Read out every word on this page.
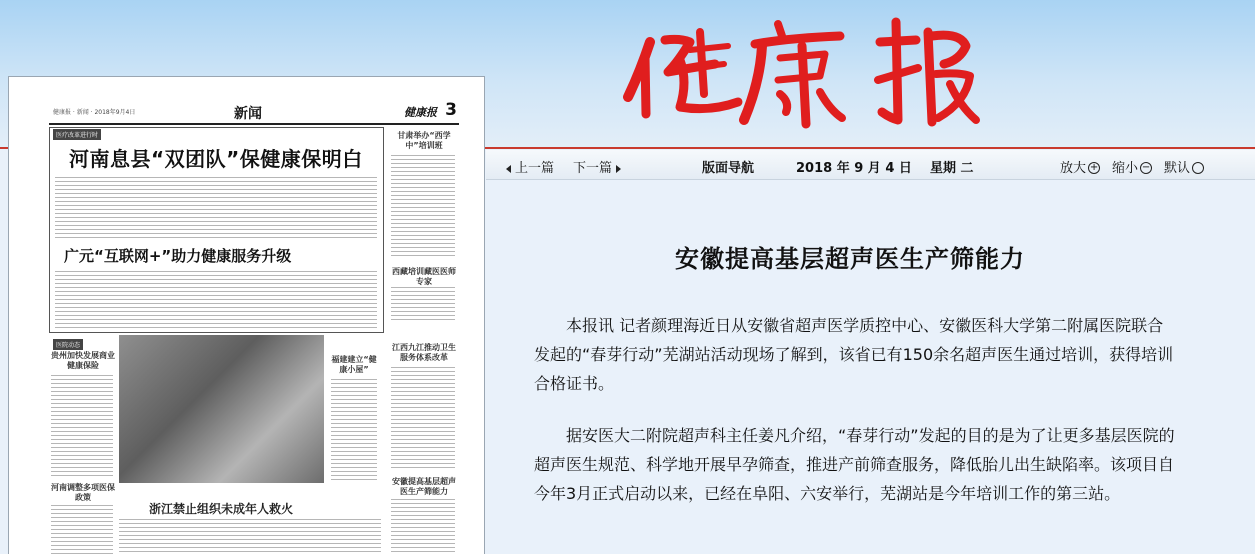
健康报 · 新闻 · 2018年9月4日	新闻	健康报 3
医疗改革进行时
河南息县“双团队”保健康保明白
广元“互联网+”助力健康服务升级
甘肃举办“西学中”培训班
西藏培训藏医医师专家
医院动态
贵州加快发展商业健康保险
河南调整多项医保政策
福建建立“健康小屋”
江西九江推动卫生服务体系改革
安徽提高基层超声医生产筛能力
浙江禁止组织未成年人救火
上一篇 下一篇	版面导航	2018 年 9 月 4 日 星期 二	放大 + 缩小 − 默认
安徽提高基层超声医生产筛能力

本报讯 记者颜理海近日从安徽省超声医学质控中心、安徽医科大学第二附属医院联合发起的“春芽行动”芜湖站活动现场了解到，该省已有150余名超声医生通过培训，获得培训合格证书。

据安医大二附院超声科主任姜凡介绍，“春芽行动”发起的目的是为了让更多基层医院的超声医生规范、科学地开展早孕筛查，推进产前筛查服务，降低胎儿出生缺陷率。该项目自今年3月正式启动以来，已经在阜阳、六安举行，芜湖站是今年培训工作的第三站。
